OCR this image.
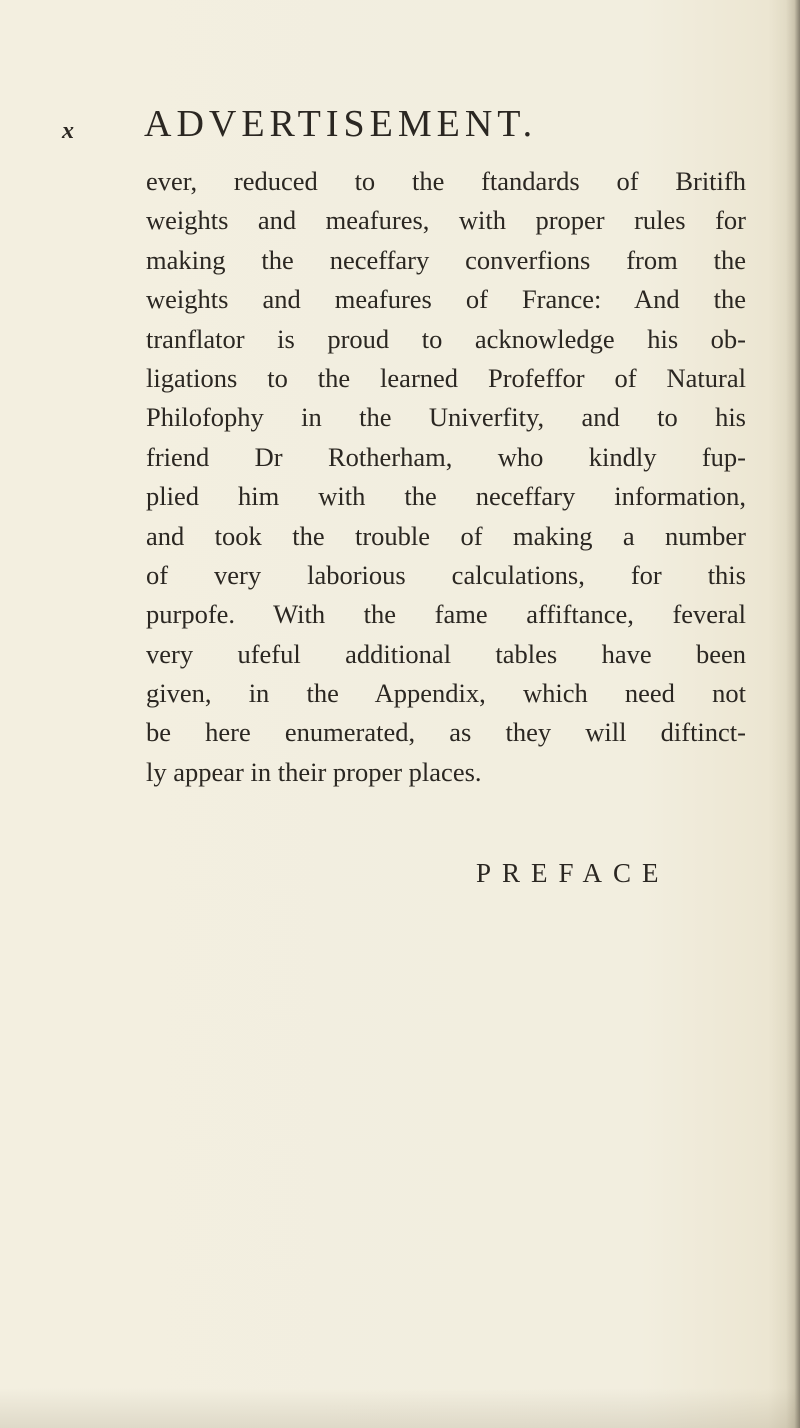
x ADVERTISEMENT.
ever, reduced to the ftandards of Britifh
weights and meafures, with proper rules for
making the neceffary converfions from the
weights and meafures of France: And the
tranflator is proud to acknowledge his ob-
ligations to the learned Profeffor of Natural
Philofophy in the Univerfity, and to his
friend Dr Rotherham, who kindly fup-
plied him with the neceffary information,
and took the trouble of making a number
of very laborious calculations, for this
purpofe. With the fame affiftance, feveral
very ufeful additional tables have been
given, in the Appendix, which need not
be here enumerated, as they will diftinct-
ly appear in their proper places.
PREFACE
